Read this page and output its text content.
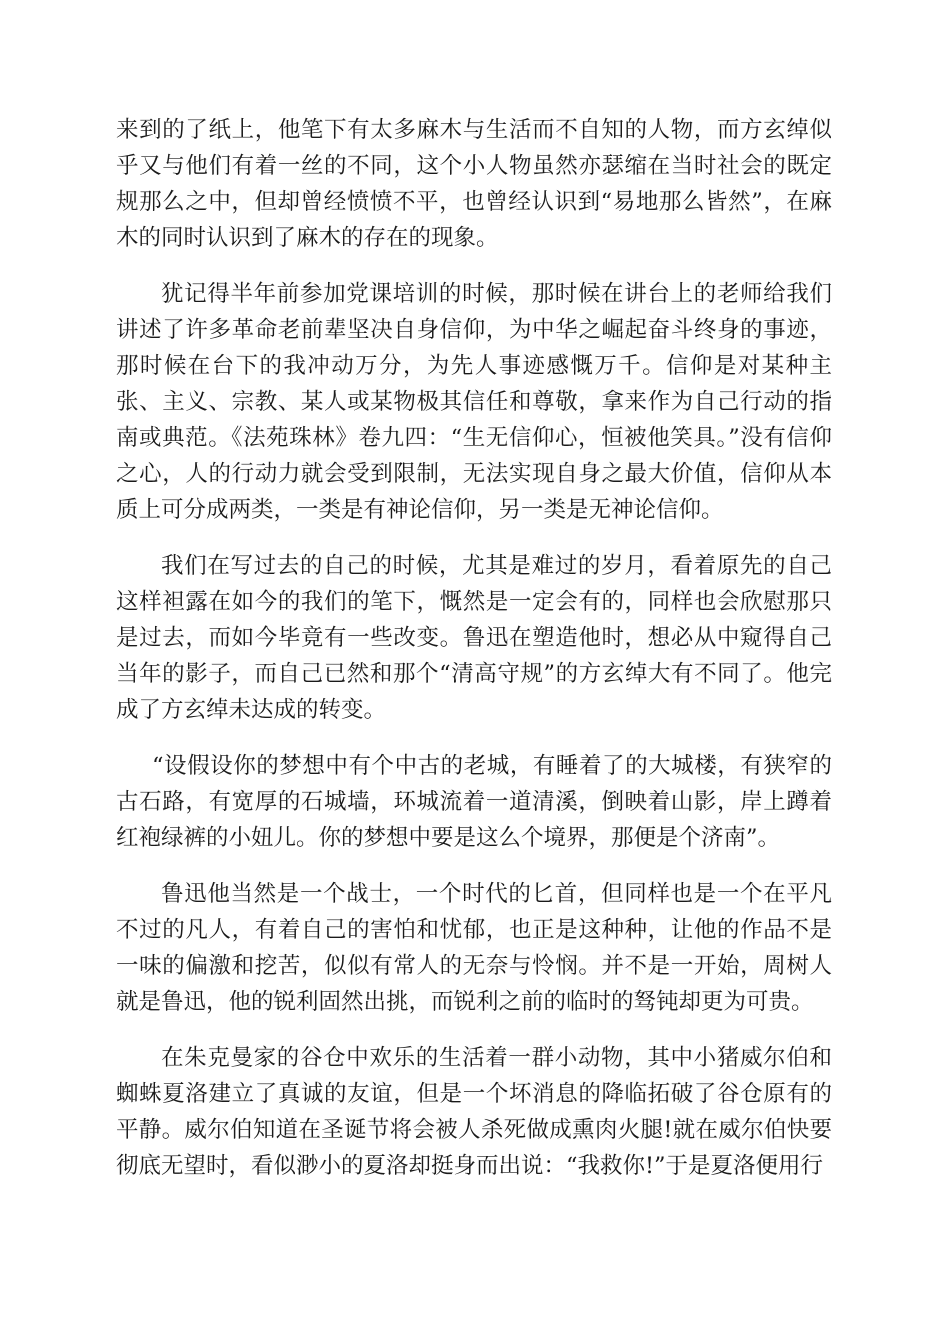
来到的了纸上，他笔下有太多麻木与生活而不自知的人物，而方玄绰似乎又与他们有着一丝的不同，这个小人物虽然亦瑟缩在当时社会的既定规那么之中，但却曾经愤愤不平，也曾经认识到“易地那么皆然”，在麻木的同时认识到了麻木的存在的现象。

犹记得半年前参加党课培训的时候，那时候在讲台上的老师给我们讲述了许多革命老前辈坚决自身信仰，为中华之崛起奋斗终身的事迹，那时候在台下的我冲动万分，为先人事迹感慨万千。信仰是对某种主张、主义、宗教、某人或某物极其信任和尊敬，拿来作为自己行动的指南或典范。《法苑珠林》卷九四：“生无信仰心，恒被他笑具。”没有信仰之心，人的行动力就会受到限制，无法实现自身之最大价值，信仰从本质上可分成两类，一类是有神论信仰，另一类是无神论信仰。

我们在写过去的自己的时候，尤其是难过的岁月，看着原先的自己这样袒露在如今的我们的笔下，慨然是一定会有的，同样也会欣慰那只是过去，而如今毕竟有一些改变。鲁迅在塑造他时，想必从中窥得自己当年的影子，而自己已然和那个“清高守规”的方玄绰大有不同了。他完成了方玄绰未达成的转变。

“设假设你的梦想中有个中古的老城，有睡着了的大城楼，有狭窄的古石路，有宽厚的石城墙，环城流着一道清溪，倒映着山影，岸上蹲着红袍绿裤的小妞儿。你的梦想中要是这么个境界，那便是个济南”。

鲁迅他当然是一个战士，一个时代的匕首，但同样也是一个在平凡不过的凡人，有着自己的害怕和忧郁，也正是这种种，让他的作品不是一味的偏激和挖苦，似似有常人的无奈与怜悯。并不是一开始，周树人就是鲁迅，他的锐利固然出挑，而锐利之前的临时的驽钝却更为可贵。

在朱克曼家的谷仓中欢乐的生活着一群小动物，其中小猪威尔伯和蜘蛛夏洛建立了真诚的友谊，但是一个坏消息的降临拓破了谷仓原有的平静。威尔伯知道在圣诞节将会被人杀死做成熏肉火腿!就在威尔伯快要彻底无望时，看似渺小的夏洛却挺身而出说：“我救你!”于是夏洛便用行
